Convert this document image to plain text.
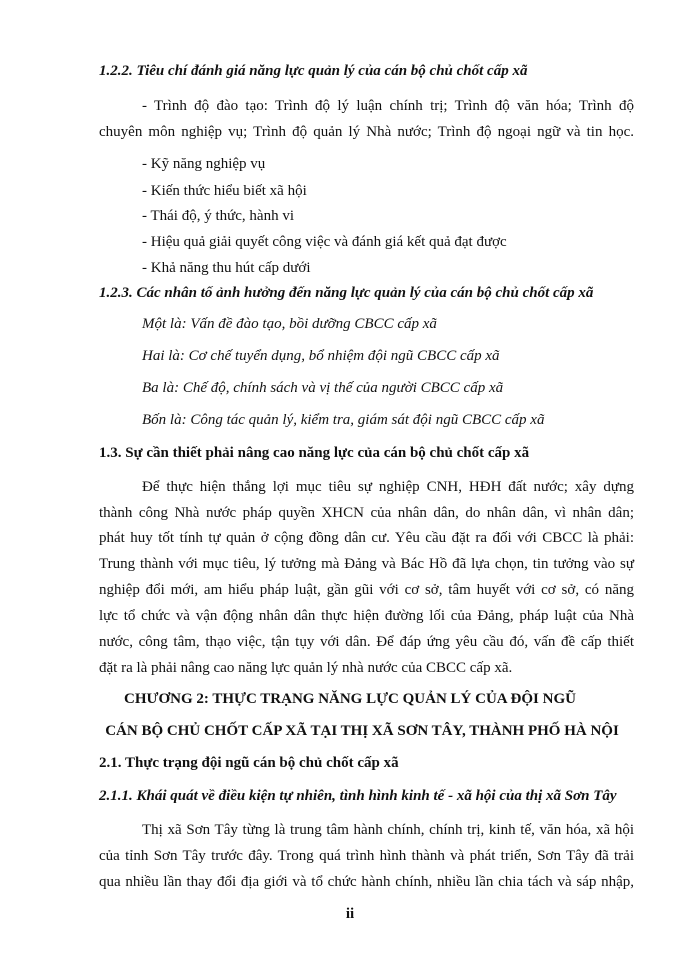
1.2.2. Tiêu chí đánh giá năng lực quản lý của cán bộ chủ chốt cấp xã
- Trình độ đào tạo: Trình độ lý luận chính trị; Trình độ văn hóa; Trình độ
chuyên môn nghiệp vụ; Trình độ quản lý Nhà nước; Trình độ ngoại ngữ và tin học.
- Kỹ năng nghiệp vụ
- Kiến thức hiểu biết xã hội
- Thái độ, ý thức, hành vi
- Hiệu quả giải quyết công việc và đánh giá kết quả đạt được
- Khả năng thu hút cấp dưới
1.2.3. Các nhân tố ảnh hưởng đến năng lực quản lý của cán bộ chủ chốt cấp xã
Một là: Vấn đề đào tạo, bồi dưỡng CBCC cấp xã
Hai là: Cơ chế tuyển dụng, bổ nhiệm đội ngũ CBCC cấp xã
Ba là: Chế độ, chính sách và vị thế của người CBCC cấp xã
Bốn là: Công tác quản lý, kiểm tra, giám sát đội ngũ CBCC cấp xã
1.3. Sự cần thiết phải nâng cao năng lực của cán bộ chủ chốt cấp xã
Để thực hiện thắng lợi mục tiêu sự nghiệp CNH, HĐH đất nước; xây dựng
thành công Nhà nước pháp quyền XHCN của nhân dân, do nhân dân, vì nhân dân;
phát huy tốt tính tự quản ở cộng đồng dân cư. Yêu cầu đặt ra đối với CBCC là phải:
Trung thành với mục tiêu, lý tưởng mà Đảng và Bác Hồ đã lựa chọn, tin tưởng vào sự
nghiệp đổi mới, am hiểu pháp luật, gần gũi với cơ sở, tâm huyết với cơ sở, có năng
lực tổ chức và vận động nhân dân thực hiện đường lối của Đảng, pháp luật của Nhà
nước, công tâm, thạo việc, tận tụy với dân. Để đáp ứng yêu cầu đó, vấn đề cấp thiết
đặt ra là phải nâng cao năng lực quản lý nhà nước của CBCC cấp xã.
CHƯƠNG 2: THỰC TRẠNG NĂNG LỰC QUẢN LÝ CỦA ĐỘI NGŨ
CÁN BỘ CHỦ CHỐT CẤP XÃ TẠI THỊ XÃ SƠN TÂY, THÀNH PHỐ HÀ NỘI
2.1. Thực trạng đội ngũ cán bộ chủ chốt cấp xã
2.1.1. Khái quát về điều kiện tự nhiên, tình hình kinh tế - xã hội của thị xã Sơn Tây
Thị xã Sơn Tây từng là trung tâm hành chính, chính trị, kinh tế, văn hóa, xã hội
của tỉnh Sơn Tây trước đây. Trong quá trình hình thành và phát triển, Sơn Tây đã trải
qua nhiều lần thay đổi địa giới và tổ chức hành chính, nhiều lần chia tách và sáp nhập,
ii
